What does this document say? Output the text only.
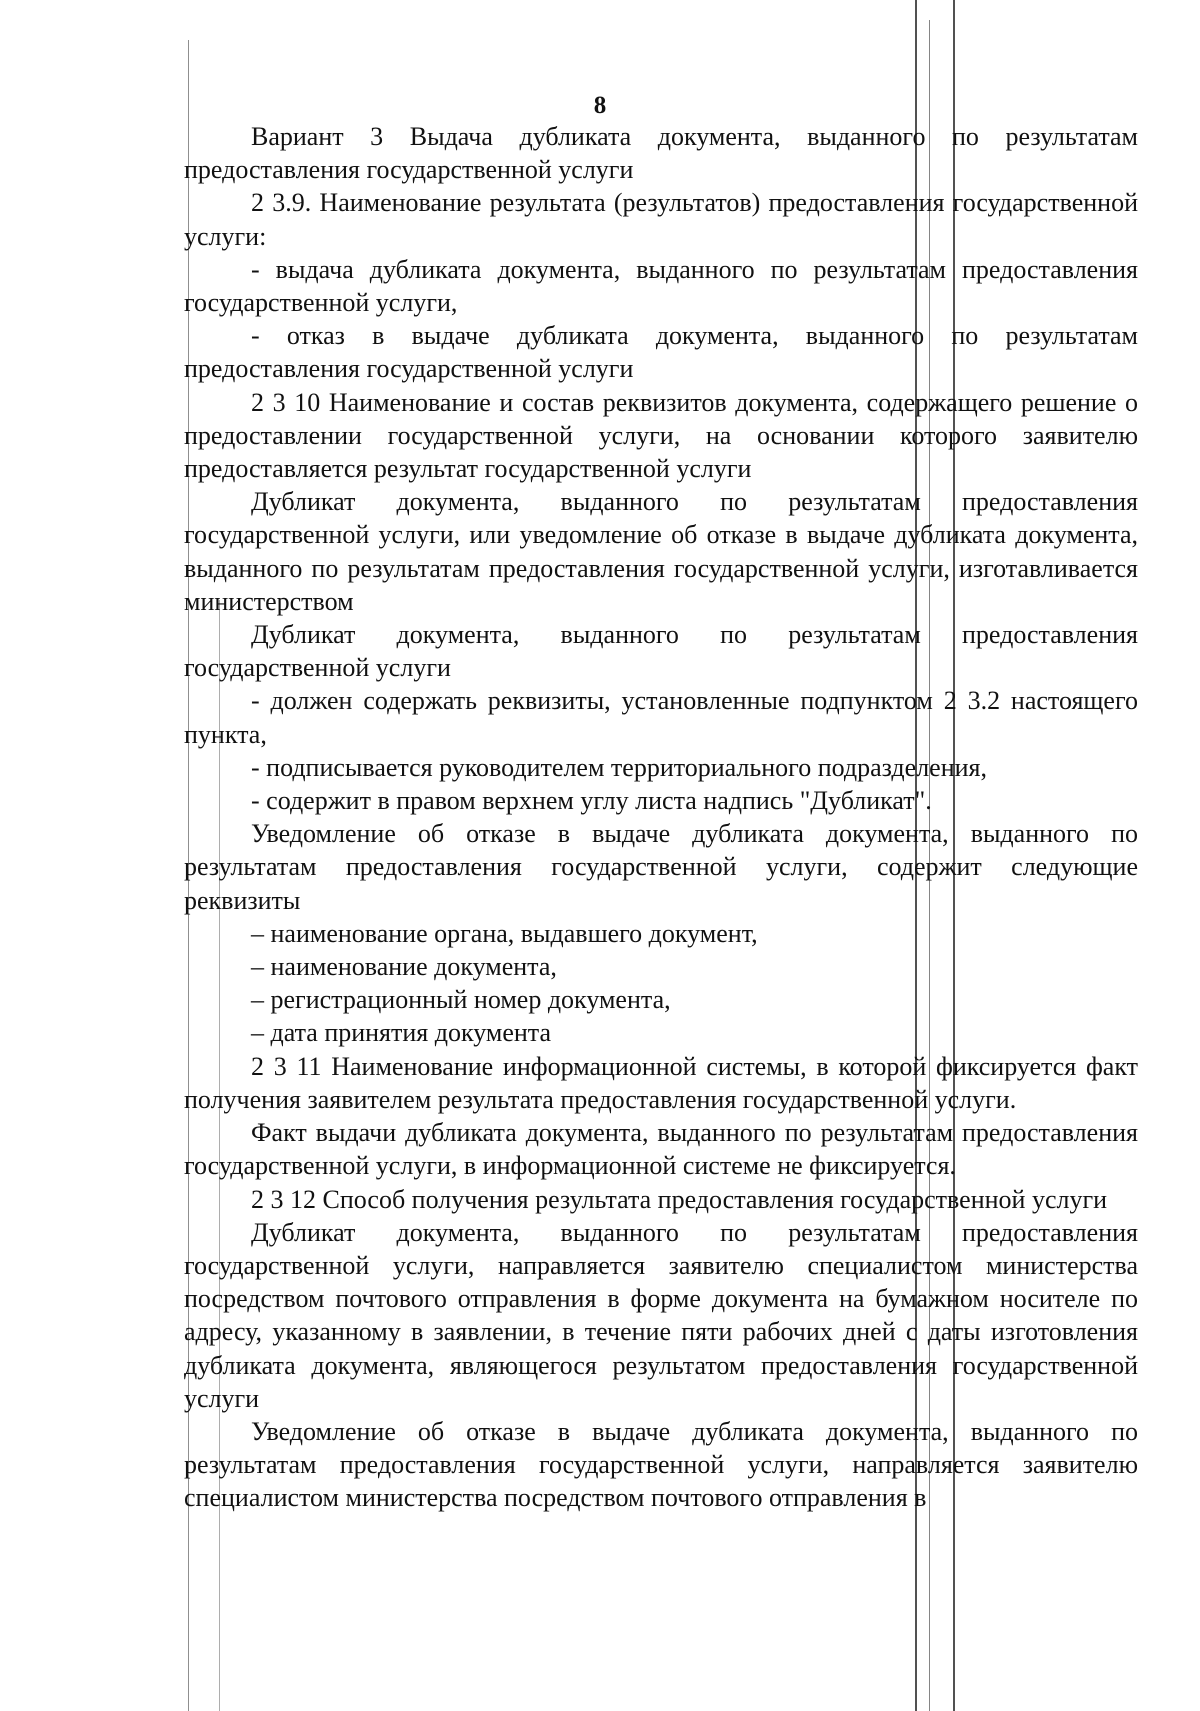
8

Вариант 3 Выдача дубликата документа, выданного по результатам предоставления государственной услуги

2 3.9. Наименование результата (результатов) предоставления государственной услуги:

- выдача дубликата документа, выданного по результатам предоставления государственной услуги,

- отказ в выдаче дубликата документа, выданного по результатам предоставления государственной услуги

2 3 10 Наименование и состав реквизитов документа, содержащего решение о предоставлении государственной услуги, на основании которого заявителю предоставляется результат государственной услуги

Дубликат документа, выданного по результатам предоставления государственной услуги, или уведомление об отказе в выдаче дубликата документа, выданного по результатам предоставления государственной услуги, изготавливается министерством

Дубликат документа, выданного по результатам предоставления государственной услуги

- должен содержать реквизиты, установленные подпунктом 2 3.2 настоящего пункта,

- подписывается руководителем территориального подразделения,

- содержит в правом верхнем углу листа надпись "Дубликат".

Уведомление об отказе в выдаче дубликата документа, выданного по результатам предоставления государственной услуги, содержит следующие реквизиты

– наименование органа, выдавшего документ,

– наименование документа,

– регистрационный номер документа,

– дата принятия документа

2 3 11 Наименование информационной системы, в которой фиксируется факт получения заявителем результата предоставления государственной услуги.

Факт выдачи дубликата документа, выданного по результатам предоставления государственной услуги, в информационной системе не фиксируется.

2 3 12 Способ получения результата предоставления государственной услуги

Дубликат документа, выданного по результатам предоставления государственной услуги, направляется заявителю специалистом министерства посредством почтового отправления в форме документа на бумажном носителе по адресу, указанному в заявлении, в течение пяти рабочих дней с даты изготовления дубликата документа, являющегося результатом предоставления государственной услуги

Уведомление об отказе в выдаче дубликата документа, выданного по результатам предоставления государственной услуги, направляется заявителю специалистом министерства посредством почтового отправления в
